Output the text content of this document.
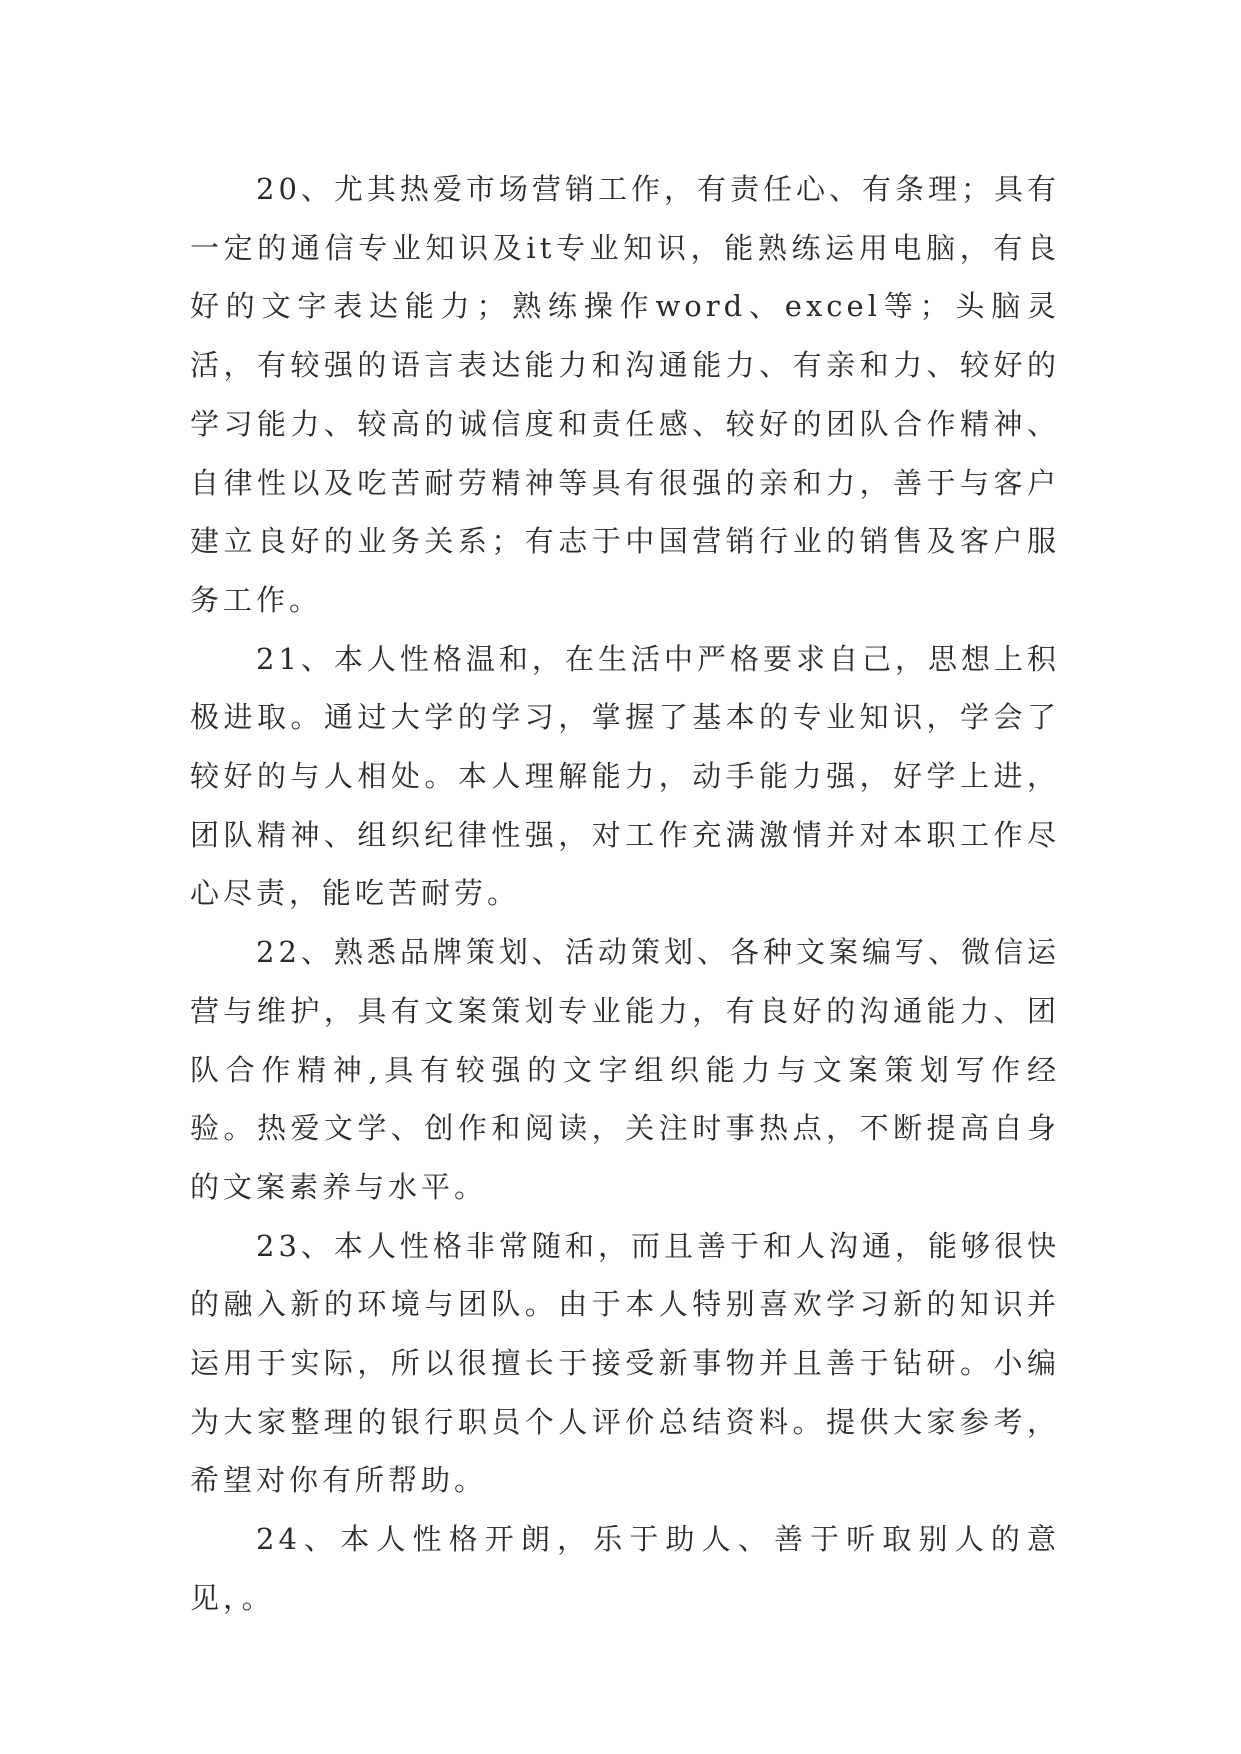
20、尤其热爱市场营销工作，有责任心、有条理；具有一定的通信专业知识及it专业知识，能熟练运用电脑，有良好的文字表达能力；熟练操作word、excel等；头脑灵活，有较强的语言表达能力和沟通能力、有亲和力、较好的学习能力、较高的诚信度和责任感、较好的团队合作精神、自律性以及吃苦耐劳精神等具有很强的亲和力，善于与客户建立良好的业务关系；有志于中国营销行业的销售及客户服务工作。

21、本人性格温和，在生活中严格要求自己，思想上积极进取。通过大学的学习，掌握了基本的专业知识，学会了较好的与人相处。本人理解能力，动手能力强，好学上进，团队精神、组织纪律性强，对工作充满激情并对本职工作尽心尽责，能吃苦耐劳。

22、熟悉品牌策划、活动策划、各种文案编写、微信运营与维护，具有文案策划专业能力，有良好的沟通能力、团队合作精神,具有较强的文字组织能力与文案策划写作经验。热爱文学、创作和阅读，关注时事热点，不断提高自身的文案素养与水平。

23、本人性格非常随和，而且善于和人沟通，能够很快的融入新的环境与团队。由于本人特别喜欢学习新的知识并运用于实际，所以很擅长于接受新事物并且善于钻研。小编为大家整理的银行职员个人评价总结资料。提供大家参考，希望对你有所帮助。

24、本人性格开朗，乐于助人、善于听取别人的意见，。
